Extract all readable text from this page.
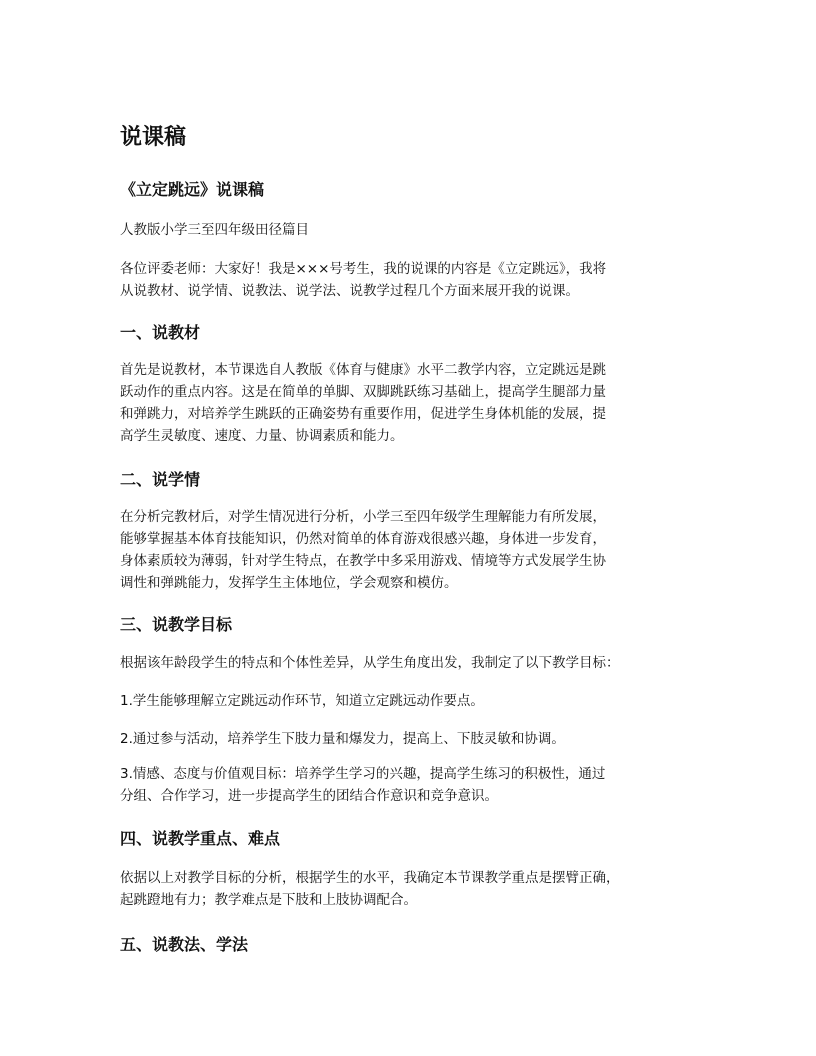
说课稿
《立定跳远》说课稿

人教版小学三至四年级田径篇目

各位评委老师：大家好！我是×××号考生，我的说课的内容是《立定跳远》，我将
从说教材、说学情、说教法、说学法、说教学过程几个方面来展开我的说课。

一、说教材

首先是说教材，本节课选自人教版《体育与健康》水平二教学内容，立定跳远是跳
跃动作的重点内容。这是在简单的单脚、双脚跳跃练习基础上，提高学生腿部力量
和弹跳力，对培养学生跳跃的正确姿势有重要作用，促进学生身体机能的发展，提
高学生灵敏度、速度、力量、协调素质和能力。

二、说学情

在分析完教材后，对学生情况进行分析，小学三至四年级学生理解能力有所发展，
能够掌握基本体育技能知识，仍然对简单的体育游戏很感兴趣，身体进一步发育，
身体素质较为薄弱，针对学生特点，在教学中多采用游戏、情境等方式发展学生协
调性和弹跳能力，发挥学生主体地位，学会观察和模仿。

三、说教学目标

根据该年龄段学生的特点和个体性差异，从学生角度出发，我制定了以下教学目标：

1.学生能够理解立定跳远动作环节，知道立定跳远动作要点。

2.通过参与活动，培养学生下肢力量和爆发力，提高上、下肢灵敏和协调。

3.情感、态度与价值观目标：培养学生学习的兴趣，提高学生练习的积极性，通过
分组、合作学习，进一步提高学生的团结合作意识和竞争意识。

四、说教学重点、难点

依据以上对教学目标的分析，根据学生的水平，我确定本节课教学重点是摆臂正确，
起跳蹬地有力；教学难点是下肢和上肢协调配合。

五、说教法、学法
